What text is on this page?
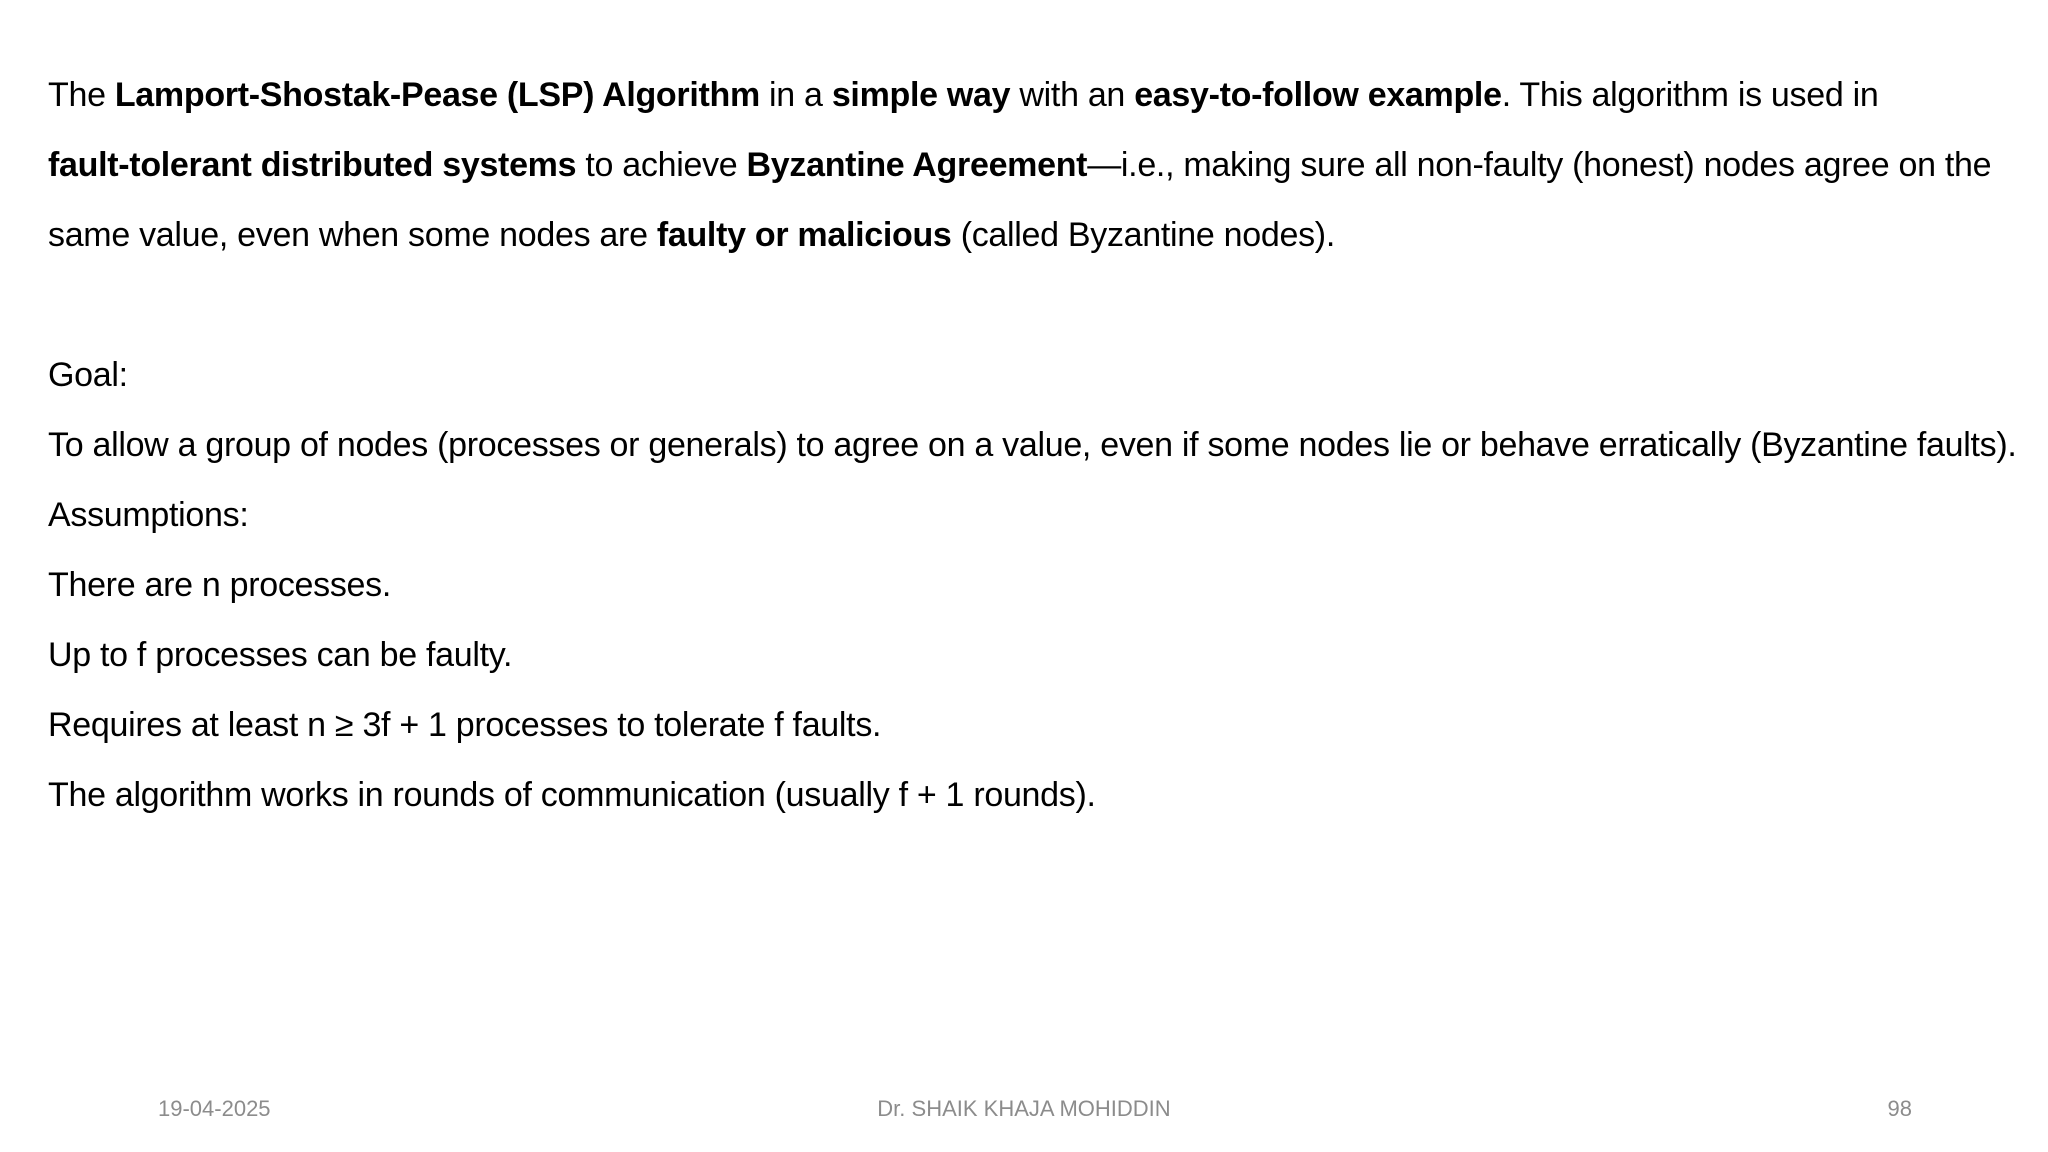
The Lamport-Shostak-Pease (LSP) Algorithm in a simple way with an easy-to-follow example. This algorithm is used in
fault-tolerant distributed systems to achieve Byzantine Agreement—i.e., making sure all non-faulty (honest) nodes agree on the same value, even when some nodes are faulty or malicious (called Byzantine nodes).

Goal:

To allow a group of nodes (processes or generals) to agree on a value, even if some nodes lie or behave erratically (Byzantine faults).

Assumptions:

There are n processes.

Up to f processes can be faulty.

Requires at least n ≥ 3f + 1 processes to tolerate f faults.

The algorithm works in rounds of communication (usually f + 1 rounds).

19-04-2025	Dr. SHAIK KHAJA MOHIDDIN	98
